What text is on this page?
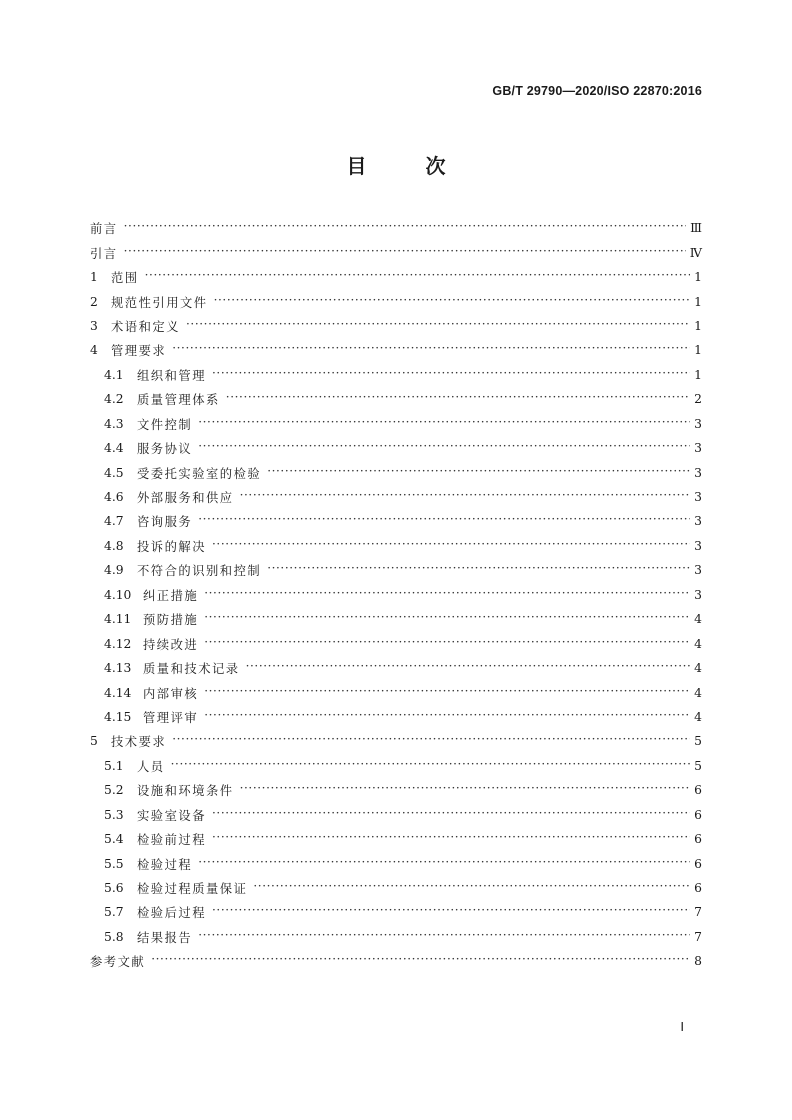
GB/T 29790—2020/ISO 22870:2016
目	次
前言 ·····	Ⅲ
引言 ·····	Ⅳ
1	范围 ·····	1
2	规范性引用文件 ·····	1
3	术语和定义 ·····	1
4	管理要求 ·····	1
4.1	组织和管理 ·····	1
4.2	质量管理体系 ·····	2
4.3	文件控制 ·····	3
4.4	服务协议 ·····	3
4.5	受委托实验室的检验 ·····	3
4.6	外部服务和供应 ·····	3
4.7	咨询服务 ·····	3
4.8	投诉的解决 ·····	3
4.9	不符合的识别和控制 ·····	3
4.10 纠正措施 ·····	3
4.11 预防措施 ·····	4
4.12 持续改进 ·····	4
4.13 质量和技术记录 ·····	4
4.14 内部审核 ·····	4
4.15 管理评审 ·····	4
5	技术要求 ·····	5
5.1	人员 ·····	5
5.2	设施和环境条件 ·····	6
5.3	实验室设备 ·····	6
5.4	检验前过程 ·····	6
5.5	检验过程 ·····	6
5.6	检验过程质量保证 ·····	6
5.7	检验后过程 ·····	7
5.8	结果报告 ·····	7
参考文献 ·····	8
Ⅰ
